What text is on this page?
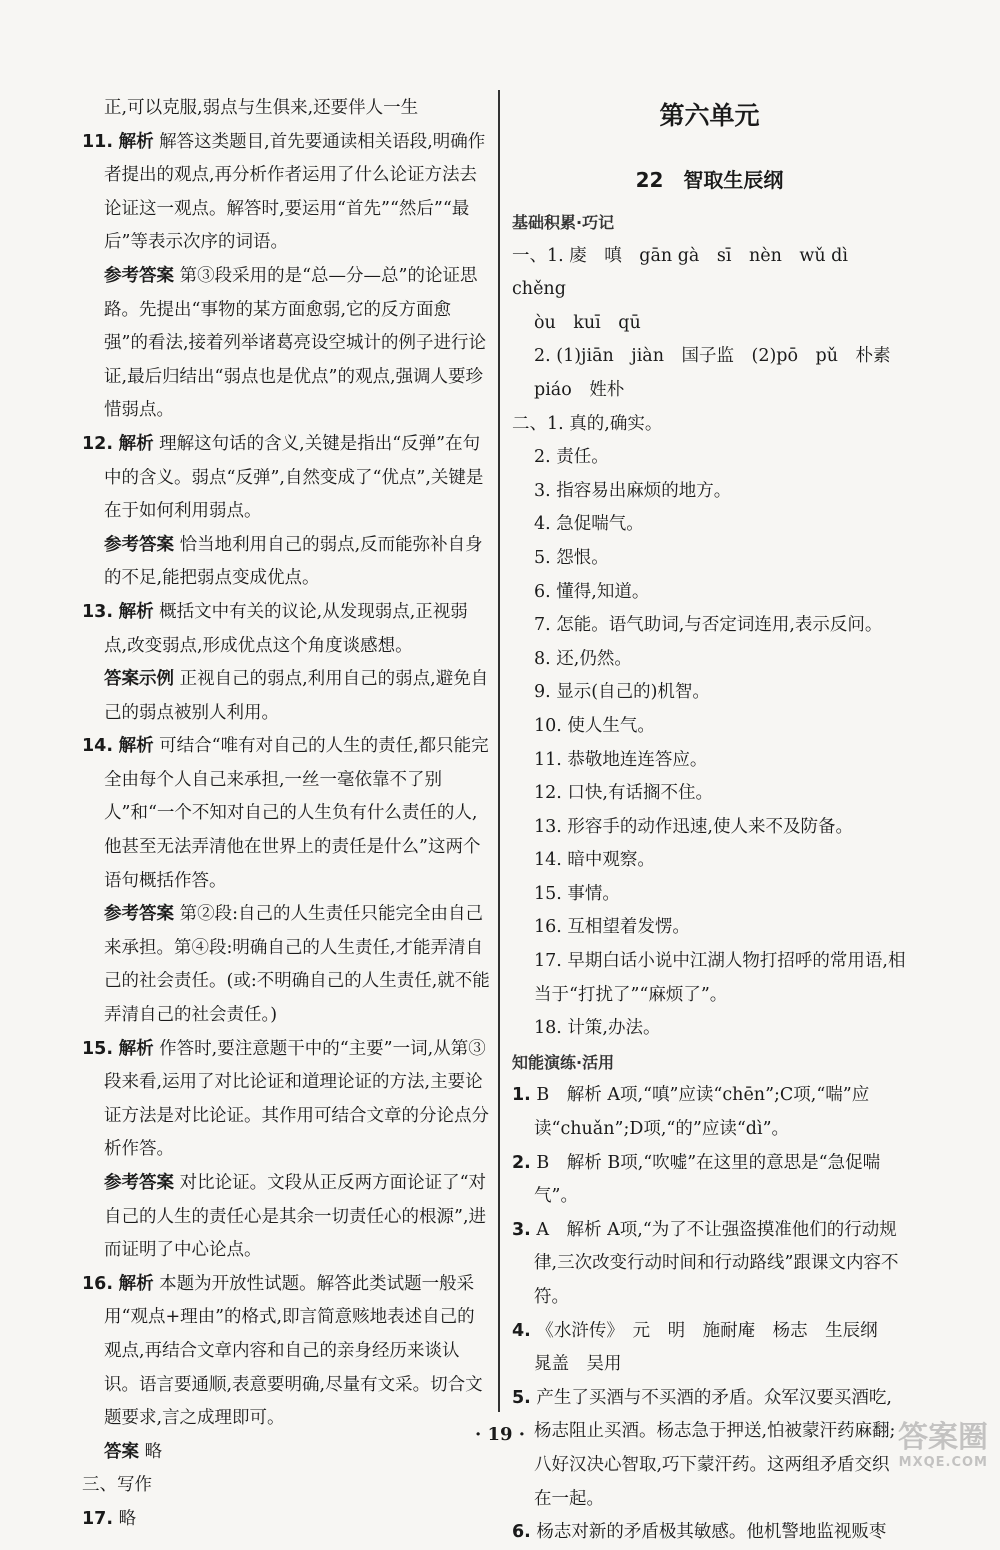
正,可以克服,弱点与生俱来,还要伴人一生
11. 解析 解答这类题目,首先要通读相关语段,明确作者提出的观点,再分析作者运用了什么论证方法去论证这一观点。解答时,要运用“首先”“然后”“最后”等表示次序的词语。
参考答案 第③段采用的是“总—分—总”的论证思路。先提出“事物的某方面愈弱,它的反方面愈强”的看法,接着列举诸葛亮设空城计的例子进行论证,最后归结出“弱点也是优点”的观点,强调人要珍惜弱点。
12. 解析 理解这句话的含义,关键是指出“反弹”在句中的含义。弱点“反弹”,自然变成了“优点”,关键是在于如何利用弱点。
参考答案 恰当地利用自己的弱点,反而能弥补自身的不足,能把弱点变成优点。
13. 解析 概括文中有关的议论,从发现弱点,正视弱点,改变弱点,形成优点这个角度谈感想。
答案示例 正视自己的弱点,利用自己的弱点,避免自己的弱点被别人利用。
14. 解析 可结合“唯有对自己的人生的责任,都只能完全由每个人自己来承担,一丝一毫依靠不了别人”和“一个不知对自己的人生负有什么责任的人,他甚至无法弄清他在世界上的责任是什么”这两个语句概括作答。
参考答案 第②段:自己的人生责任只能完全由自己来承担。第④段:明确自己的人生责任,才能弄清自己的社会责任。(或:不明确自己的人生责任,就不能弄清自己的社会责任。)
15. 解析 作答时,要注意题干中的“主要”一词,从第③段来看,运用了对比论证和道理论证的方法,主要论证方法是对比论证。其作用可结合文章的分论点分析作答。
参考答案 对比论证。文段从正反两方面论证了“对自己的人生的责任心是其余一切责任心的根源”,进而证明了中心论点。
16. 解析 本题为开放性试题。解答此类试题一般采用“观点+理由”的格式,即言简意赅地表述自己的观点,再结合文章内容和自己的亲身经历来谈认识。语言要通顺,表意要明确,尽量有文采。切合文题要求,言之成理即可。
答案 略
三、写作
17. 略
第六单元
22　智取生辰纲
基础积累·巧记
一、1. 庱　嗔　gān gà　sī　nèn　wǔ dì　chěng
òu　kuī　qū
2. (1)jiān　jiàn　国子监　(2)pō　pǔ　朴素
piáo　姓朴
二、1. 真的,确实。
2. 责任。
3. 指容易出麻烦的地方。
4. 急促喘气。
5. 怨恨。
6. 懂得,知道。
7. 怎能。语气助词,与否定词连用,表示反问。
8. 还,仍然。
9. 显示(自己的)机智。
10. 使人生气。
11. 恭敬地连连答应。
12. 口快,有话搁不住。
13. 形容手的动作迅速,使人来不及防备。
14. 暗中观察。
15. 事情。
16. 互相望着发愣。
17. 早期白话小说中江湖人物打招呼的常用语,相当于“打扰了”“麻烦了”。
18. 计策,办法。
知能演练·活用
1. B　解析 A项,“嗔”应读“chēn”;C项,“喘”应读“chuǎn”;D项,“的”应读“dì”。
2. B　解析 B项,“吹嘘”在这里的意思是“急促喘气”。
3. A　解析 A项,“为了不让强盗摸准他们的行动规律,三次改变行动时间和行动路线”跟课文内容不符。
4. 《水浒传》　元　明　施耐庵　杨志　生辰纲　晁盖　吴用
5. 产生了买酒与不买酒的矛盾。众军汉要买酒吃,杨志阻止买酒。杨志急于押送,怕被蒙汗药麻翻;八好汉决心智取,巧下蒙汗药。这两组矛盾交织在一起。
6. 杨志对新的矛盾极其敏感。他机警地监视贩枣
· 19 ·	答案圈
MXQE.COM
